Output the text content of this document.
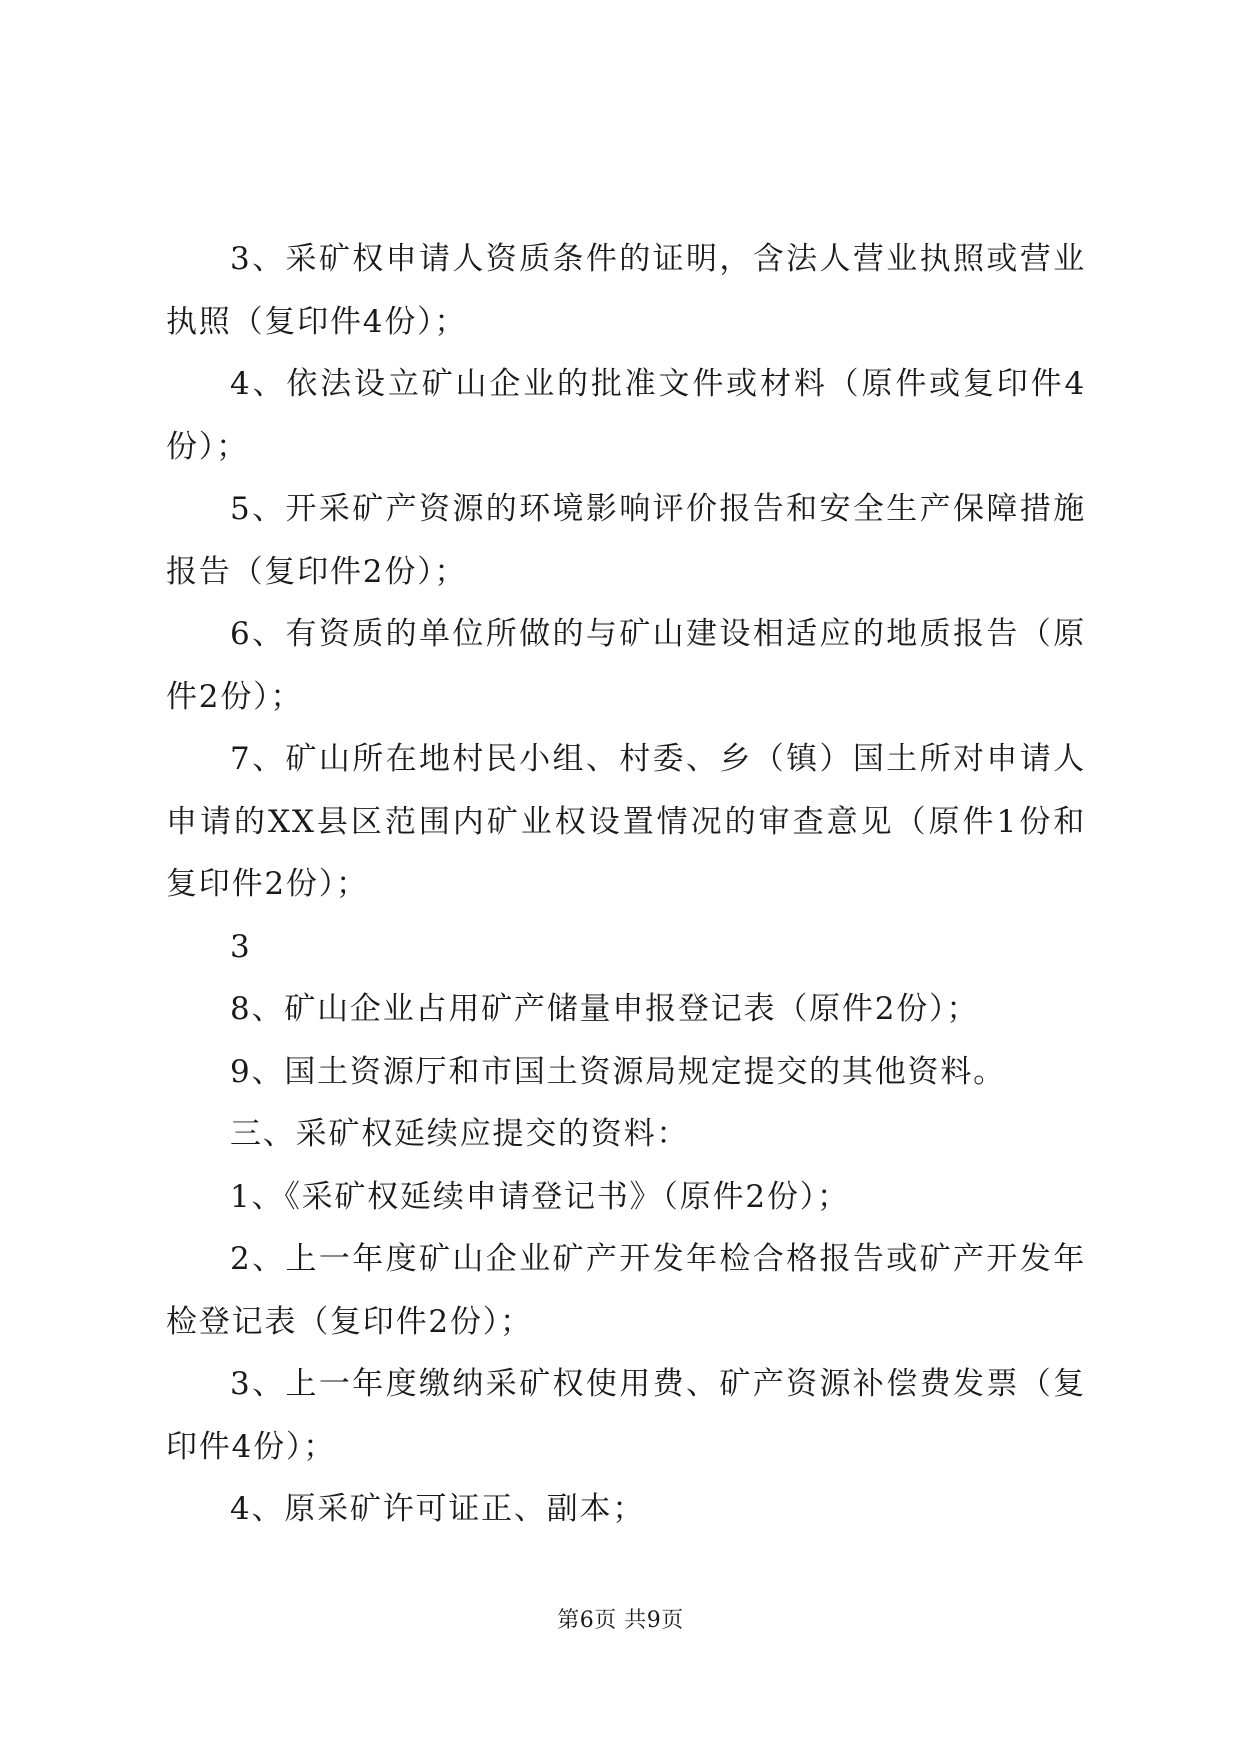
3、采矿权申请人资质条件的证明，含法人营业执照或营业执照（复印件4份）；

4、依法设立矿山企业的批准文件或材料（原件或复印件4份）；

5、开采矿产资源的环境影响评价报告和安全生产保障措施报告（复印件2份）；

6、有资质的单位所做的与矿山建设相适应的地质报告（原件2份）；

7、矿山所在地村民小组、村委、乡（镇）国土所对申请人申请的XX县区范围内矿业权设置情况的审查意见（原件1份和复印件2份）；

3

8、矿山企业占用矿产储量申报登记表（原件2份）；

9、国土资源厅和市国土资源局规定提交的其他资料。

三、采矿权延续应提交的资料：

1、《采矿权延续申请登记书》（原件2份）；

2、上一年度矿山企业矿产开发年检合格报告或矿产开发年检登记表（复印件2份）；

3、上一年度缴纳采矿权使用费、矿产资源补偿费发票（复印件4份）；

4、原采矿许可证正、副本；

第6页 共9页
